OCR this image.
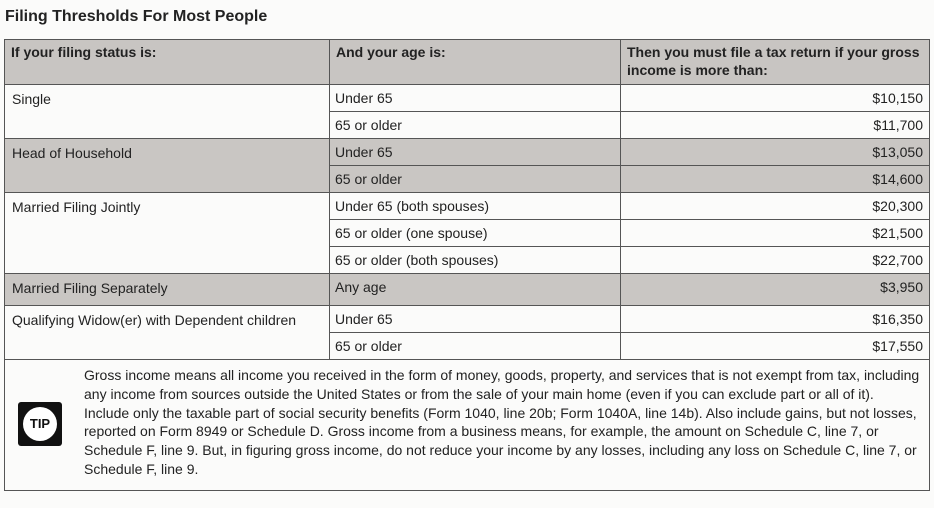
Filing Thresholds For Most People
If your filing status is:	And your age is:	Then you must file a tax return if your gross income is more than:
Single	Under 65	$10,150
	65 or older	$11,700
Head of Household	Under 65	$13,050
	65 or older	$14,600
Married Filing Jointly	Under 65 (both spouses)	$20,300
	65 or older (one spouse)	$21,500
	65 or older (both spouses)	$22,700
Married Filing Separately	Any age	$3,950
Qualifying Widow(er) with Dependent children	Under 65	$16,350
	65 or older	$17,550

TIP
Gross income means all income you received in the form of money, goods, property, and services that is not exempt from tax, including any income from sources outside the United States or from the sale of your main home (even if you can exclude part or all of it). Include only the taxable part of social security benefits (Form 1040, line 20b; Form 1040A, line 14b). Also include gains, but not losses, reported on Form 8949 or Schedule D. Gross income from a business means, for example, the amount on Schedule C, line 7, or Schedule F, line 9. But, in figuring gross income, do not reduce your income by any losses, including any loss on Schedule C, line 7, or Schedule F, line 9.		
